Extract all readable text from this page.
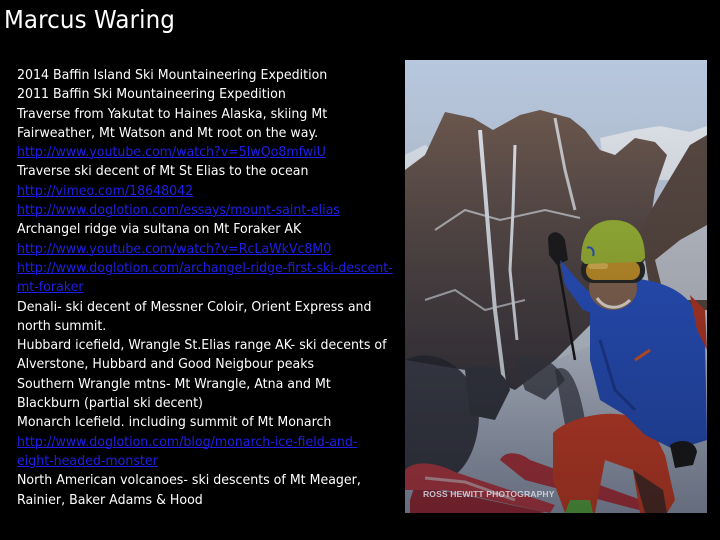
Marcus Waring
2014 Baffin Island Ski Mountaineering Expedition
2011 Baffin Ski Mountaineering Expedition
Traverse from Yakutat to Haines Alaska, skiing Mt
Fairweather, Mt Watson and Mt root on the way.
http://www.youtube.com/watch?v=5IwQo8mfwiU
Traverse ski decent of Mt St Elias to the ocean
http://vimeo.com/18648042
http://www.doglotion.com/essays/mount-saint-elias
Archangel ridge via sultana on Mt Foraker AK
http://www.youtube.com/watch?v=RcLaWkVc8M0
http://www.doglotion.com/archangel-ridge-first-ski-descent-
mt-foraker
Denali- ski decent of Messner Coloir, Orient Express and
north summit.
Hubbard icefield, Wrangle St.Elias range AK- ski decents of
Alverstone, Hubbard and Good Neigbour peaks
Southern Wrangle mtns- Mt Wrangle, Atna and Mt
Blackburn (partial ski decent)
Monarch Icefield. including summit of Mt Monarch
http://www.doglotion.com/blog/monarch-ice-field-and-
eight-headed-monster
North American volcanoes- ski descents of Mt Meager,
Rainier, Baker Adams & Hood	ROSS HEWITT PHOTOGRAPHY
